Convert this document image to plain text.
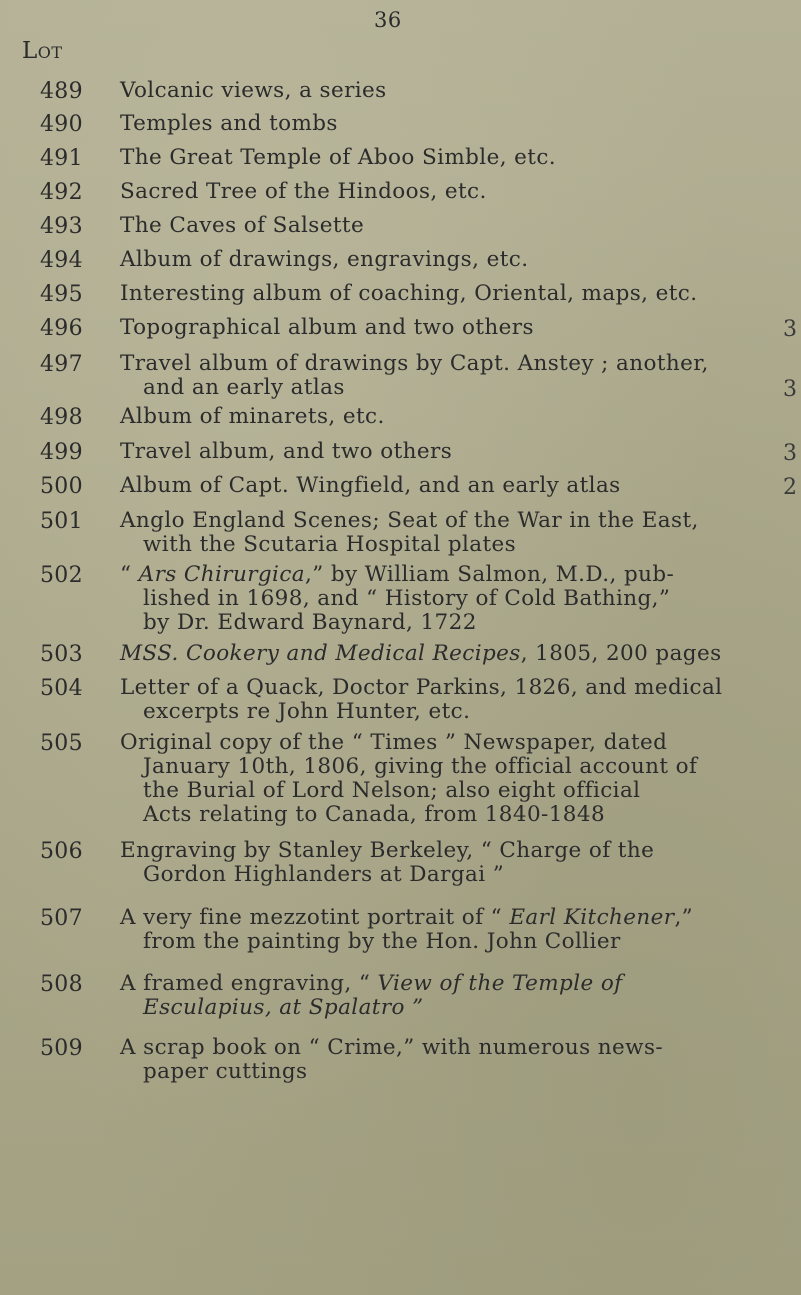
36
Lot
489 Volcanic views, a series
490 Temples and tombs
491 The Great Temple of Aboo Simble, etc.
492 Sacred Tree of the Hindoos, etc.
493 The Caves of Salsette
494 Album of drawings, engravings, etc.
495 Interesting album of coaching, Oriental, maps, etc.
496 Topographical album and two others
497 Travel album of drawings by Capt. Anstey ; another,
and an early atlas
498 Album of minarets, etc.
499 Travel album, and two others
500 Album of Capt. Wingfield, and an early atlas
501 Anglo England Scenes; Seat of the War in the East,
with the Scutaria Hospital plates
502 “ Ars Chirurgica,” by William Salmon, M.D., pub-
lished in 1698, and “ History of Cold Bathing,”
by Dr. Edward Baynard, 1722
503 MSS. Cookery and Medical Recipes, 1805, 200 pages
504 Letter of a Quack, Doctor Parkins, 1826, and medical
excerpts re John Hunter, etc.
505 Original copy of the “ Times ” Newspaper, dated
January 10th, 1806, giving the official account of
the Burial of Lord Nelson; also eight official
Acts relating to Canada, from 1840-1848
506 Engraving by Stanley Berkeley, “ Charge of the
Gordon Highlanders at Dargai ”
507 A very fine mezzotint portrait of “ Earl Kitchener,”
from the painting by the Hon. John Collier
508 A framed engraving, “ View of the Temple of
Esculapius, at Spalatro ”
509 A scrap book on “ Crime,” with numerous news-
paper cuttings
3
3
3
2
